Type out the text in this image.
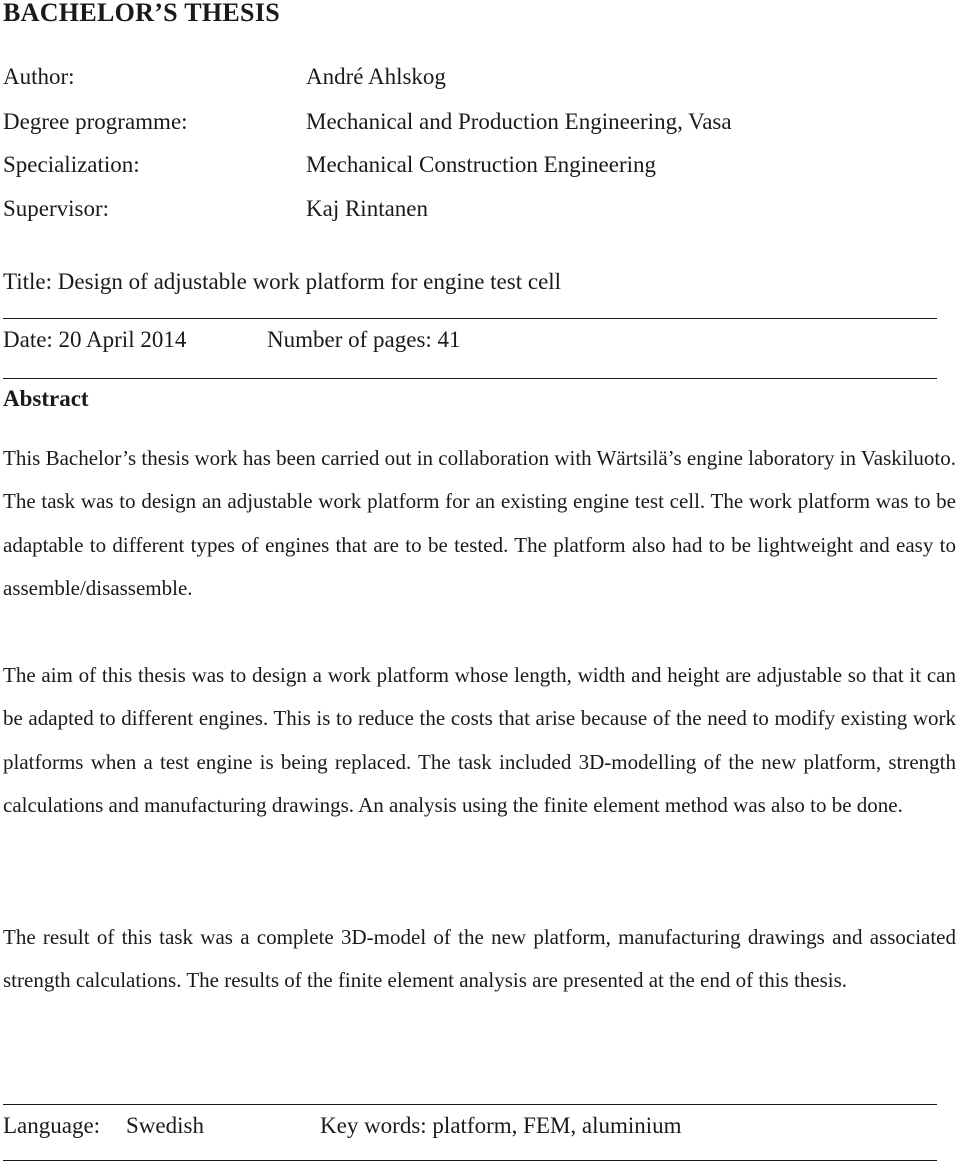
BACHELOR’S THESIS
Author:	André Ahlskog
Degree programme:	Mechanical and Production Engineering, Vasa
Specialization:	Mechanical Construction Engineering
Supervisor:	Kaj Rintanen
Title: Design of adjustable work platform for engine test cell
Date: 20 April 2014	Number of pages: 41
Abstract

This Bachelor’s thesis work has been carried out in collaboration with Wärtsilä’s engine laboratory in Vaskiluoto. The task was to design an adjustable work platform for an existing engine test cell. The work platform was to be adaptable to different types of engines that are to be tested. The platform also had to be lightweight and easy to assemble/disassemble.

The aim of this thesis was to design a work platform whose length, width and height are adjustable so that it can be adapted to different engines. This is to reduce the costs that arise because of the need to modify existing work platforms when a test engine is being replaced. The task included 3D-modelling of the new platform, strength calculations and manufacturing drawings. An analysis using the finite element method was also to be done.

The result of this task was a complete 3D-model of the new platform, manufacturing drawings and associated strength calculations. The results of the finite element analysis are presented at the end of this thesis.

Language: Swedish	Key words: platform, FEM, aluminium
